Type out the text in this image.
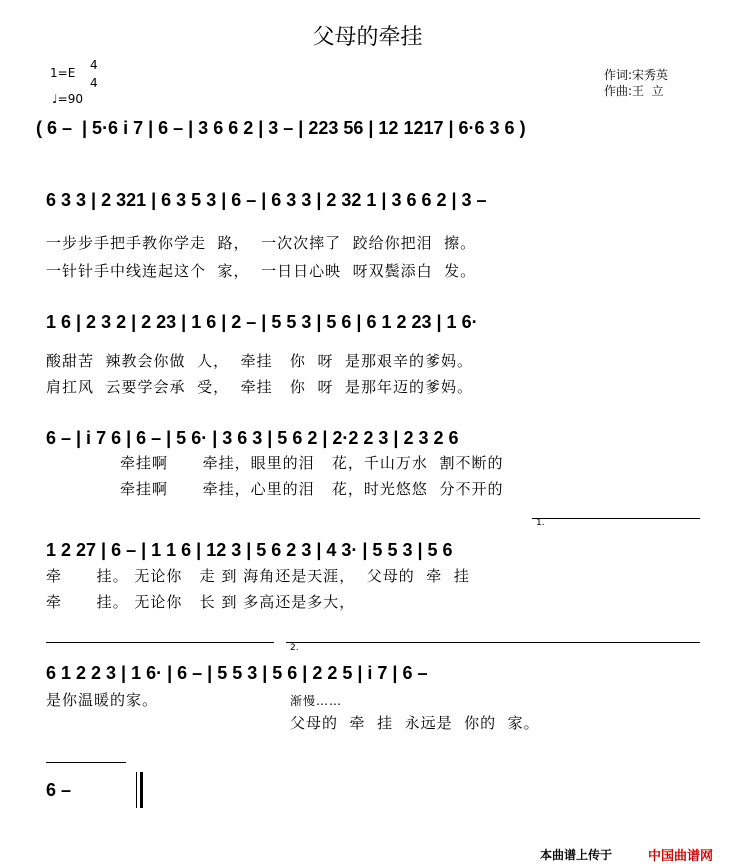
父母的牵挂
1=E
4
4
♩=90
作词:宋秀英
作曲:王  立
( 6 –  | 5·6 i 7 | 6 – | 3 6 6 2 | 3 – | 223 56 | 12 1217 | 6·6 3 6 )
6 3 3 | 2 321 | 6 3 5 3 | 6 – | 6 3 3 | 2 32 1 | 3 6 6 2 | 3 –
一步步手把手教你学走  路，  一次次摔了  跤给你把泪  擦。
一针针手中线连起这个  家，  一日日心映  呀双鬓添白  发。
1 6 | 2 3 2 | 2 23 | 1 6 | 2 – | 5 5 3 | 5 6 | 6 1 2 23 | 1 6·
酸甜苦  辣教会你做  人，  牵挂   你  呀  是那艰辛的爹妈。
肩扛风  云要学会承  受，  牵挂   你  呀  是那年迈的爹妈。
6 – | i 7 6 | 6 – | 5 6· | 3 6 3 | 5 6 2 | 2·2 2 3 | 2 3 2 6
牵挂啊      牵挂，眼里的泪   花，千山万水  割不断的
牵挂啊      牵挂，心里的泪   花，时光悠悠  分不开的
1.
1 2 27 | 6 – | 1 1 6 | 12 3 | 5 6 2 3 | 4 3· | 5 5 3 | 5 6
牵      挂。 无论你   走 到 海角还是天涯，  父母的  牵  挂
牵      挂。 无论你   长 到 多高还是多大，
2.
6 1 2 2 3 | 1 6· | 6 – | 5 5 3 | 5 6 | 2 2 5 | i 7 | 6 –
是你温暖的家。	渐慢……
父母的  牵  挂  永远是  你的  家。
6 –
本曲谱上传于	中国曲谱网
